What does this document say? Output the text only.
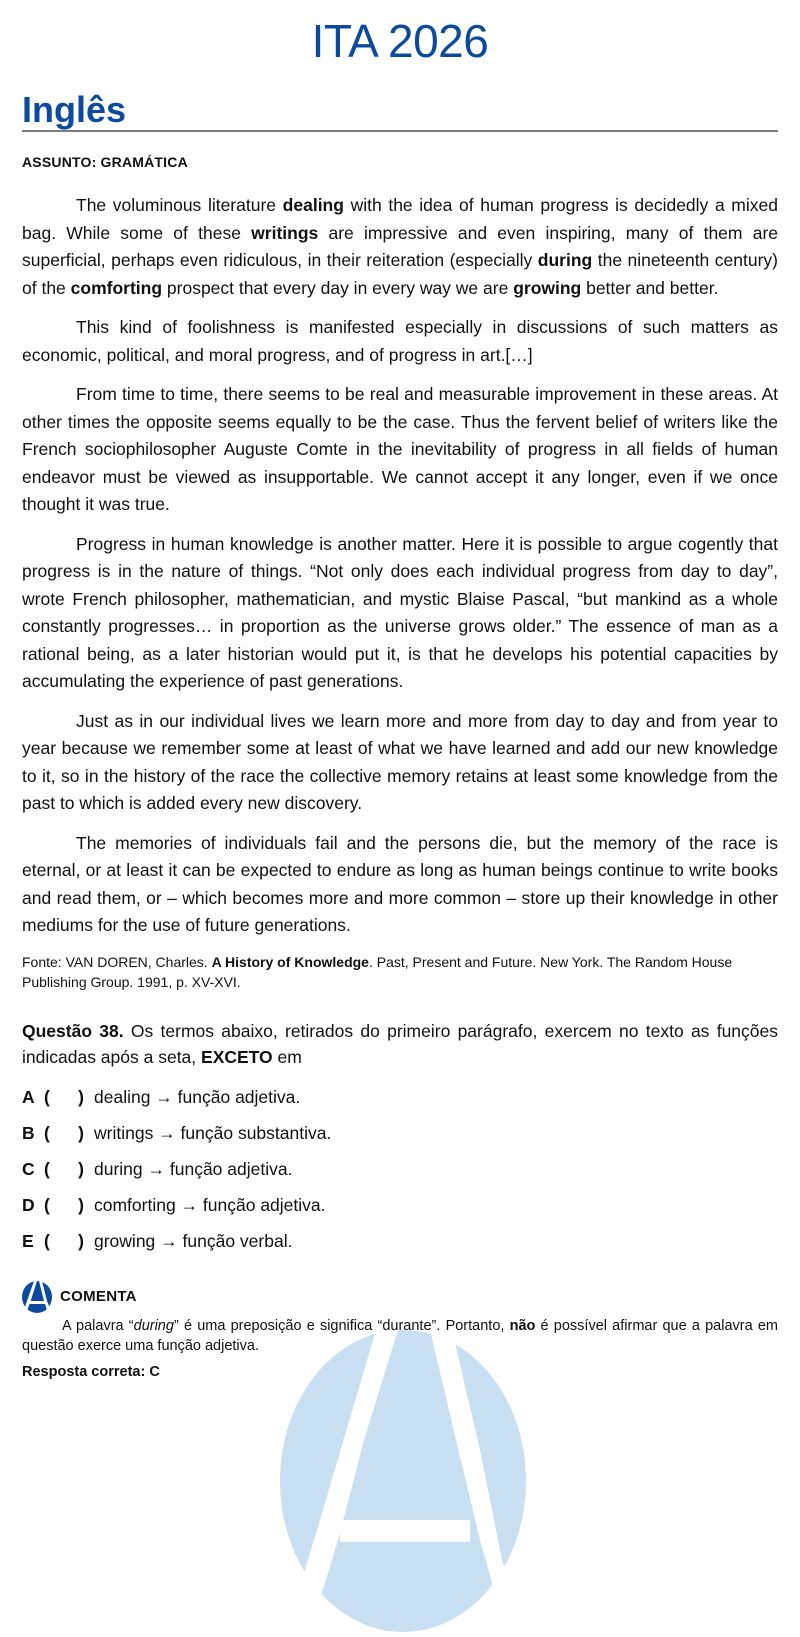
ITA 2026
Inglês
ASSUNTO: GRAMÁTICA

The voluminous literature dealing with the idea of human progress is decidedly a mixed bag. While some of these writings are impressive and even inspiring, many of them are superficial, perhaps even ridiculous, in their reiteration (especially during the nineteenth century) of the comforting prospect that every day in every way we are growing better and better.

This kind of foolishness is manifested especially in discussions of such matters as economic, political, and moral progress, and of progress in art.[…]

From time to time, there seems to be real and measurable improvement in these areas. At other times the opposite seems equally to be the case. Thus the fervent belief of writers like the French sociophilosopher Auguste Comte in the inevitability of progress in all fields of human endeavor must be viewed as insupportable. We cannot accept it any longer, even if we once thought it was true.

Progress in human knowledge is another matter. Here it is possible to argue cogently that progress is in the nature of things. “Not only does each individual progress from day to day”, wrote French philosopher, mathematician, and mystic Blaise Pascal, “but mankind as a whole constantly progresses… in proportion as the universe grows older.” The essence of man as a rational being, as a later historian would put it, is that he develops his potential capacities by accumulating the experience of past generations.

Just as in our individual lives we learn more and more from day to day and from year to year because we remember some at least of what we have learned and add our new knowledge to it, so in the history of the race the collective memory retains at least some knowledge from the past to which is added every new discovery.

The memories of individuals fail and the persons die, but the memory of the race is eternal, or at least it can be expected to endure as long as human beings continue to write books and read them, or – which becomes more and more common – store up their knowledge in other mediums for the use of future generations.

Fonte: VAN DOREN, Charles. A History of Knowledge. Past, Present and Future. New York. The Random House Publishing Group. 1991, p. XV-XVI.
Questão 38. Os termos abaixo, retirados do primeiro parágrafo, exercem no texto as funções indicadas após a seta, EXCETO em
A ( ) dealing → função adjetiva.
B ( ) writings → função substantiva.
C ( ) during → função adjetiva.
D ( ) comforting → função adjetiva.
E ( ) growing → função verbal.
COMENTA

A palavra “during” é uma preposição e significa “durante”. Portanto, não é possível afirmar que a palavra em questão exerce uma função adjetiva.

Resposta correta: C
